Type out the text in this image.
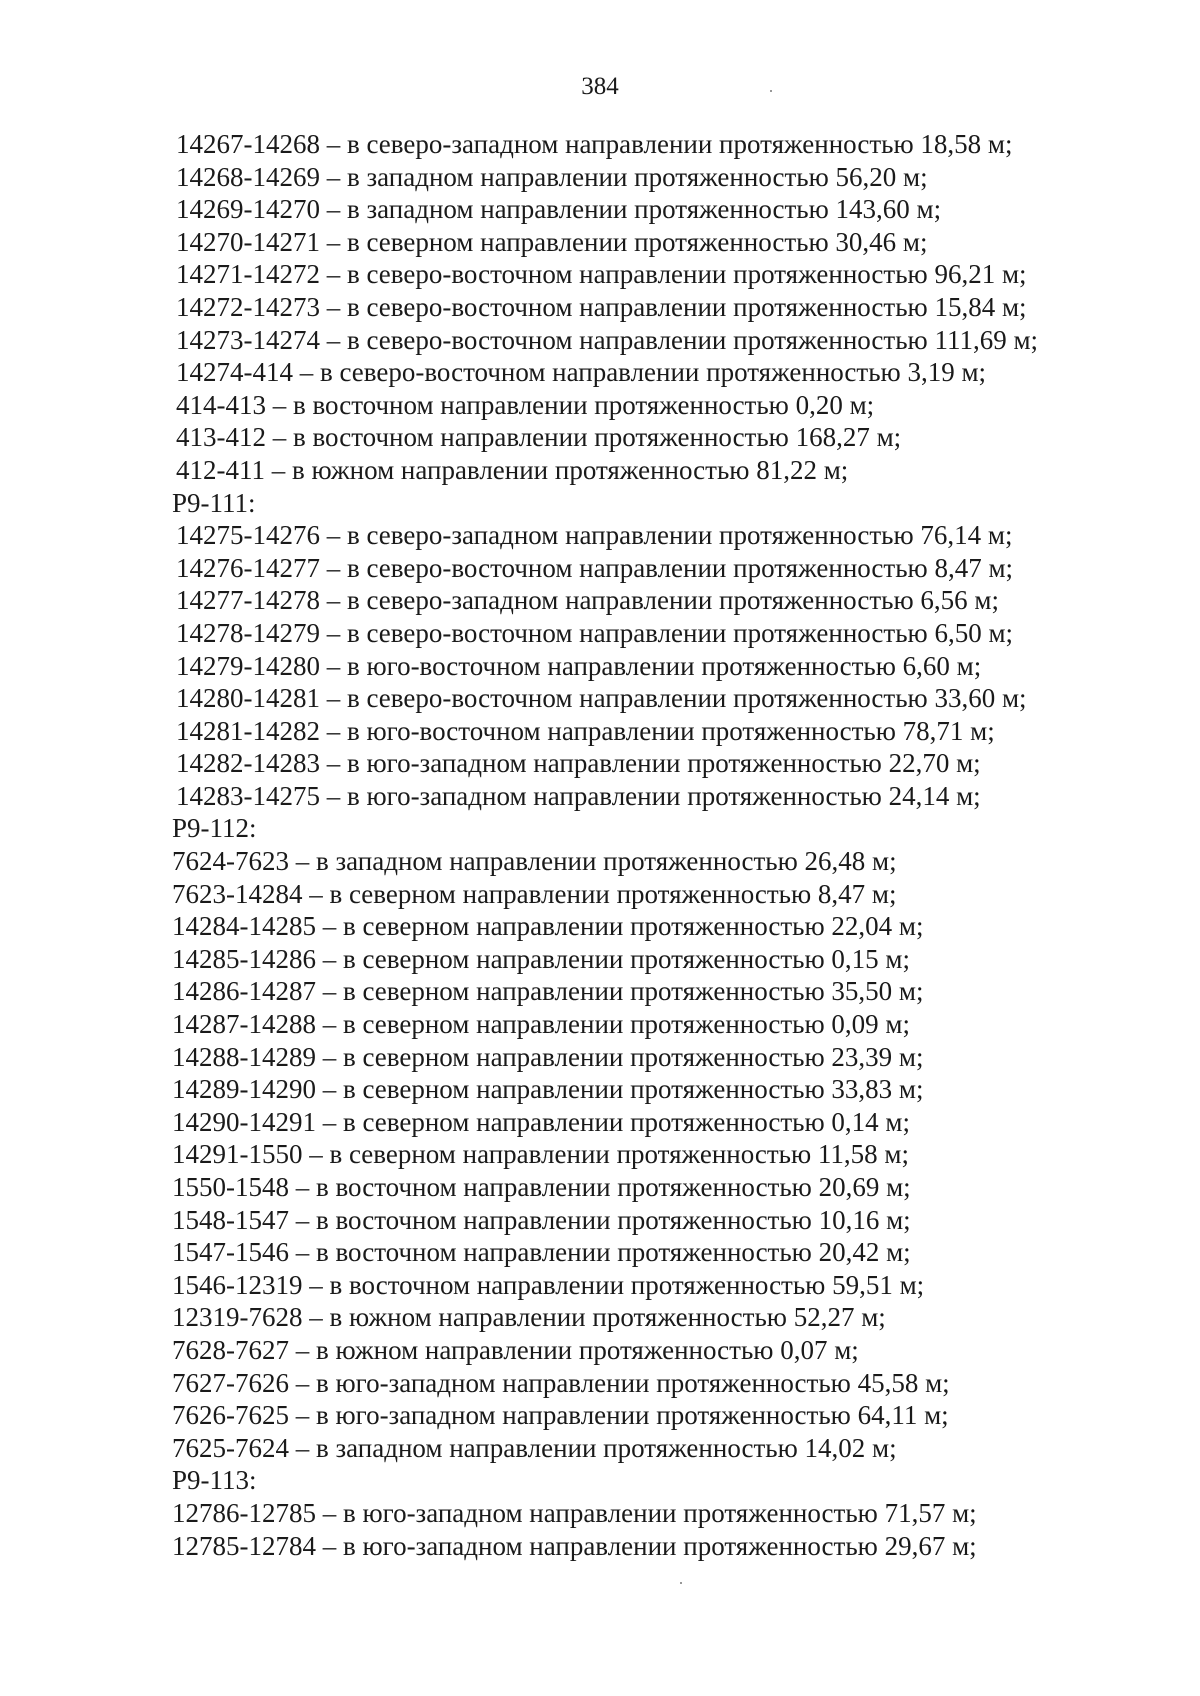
384
14267-14268 – в северо-западном направлении протяженностью 18,58 м;
14268-14269 – в западном направлении протяженностью 56,20 м;
14269-14270 – в западном направлении протяженностью 143,60 м;
14270-14271 – в северном направлении протяженностью 30,46 м;
14271-14272 – в северо-восточном направлении протяженностью 96,21 м;
14272-14273 – в северо-восточном направлении протяженностью 15,84 м;
14273-14274 – в северо-восточном направлении протяженностью 111,69 м;
14274-414 – в северо-восточном направлении протяженностью 3,19 м;
414-413 – в восточном направлении протяженностью 0,20 м;
413-412 – в восточном направлении протяженностью 168,27 м;
412-411 – в южном направлении протяженностью 81,22 м;
Р9-111:
14275-14276 – в северо-западном направлении протяженностью 76,14 м;
14276-14277 – в северо-восточном направлении протяженностью 8,47 м;
14277-14278 – в северо-западном направлении протяженностью 6,56 м;
14278-14279 – в северо-восточном направлении протяженностью 6,50 м;
14279-14280 – в юго-восточном направлении протяженностью 6,60 м;
14280-14281 – в северо-восточном направлении протяженностью 33,60 м;
14281-14282 – в юго-восточном направлении протяженностью 78,71 м;
14282-14283 – в юго-западном направлении протяженностью 22,70 м;
14283-14275 – в юго-западном направлении протяженностью 24,14 м;
Р9-112:
7624-7623 – в западном направлении протяженностью 26,48 м;
7623-14284 – в северном направлении протяженностью 8,47 м;
14284-14285 – в северном направлении протяженностью 22,04 м;
14285-14286 – в северном направлении протяженностью 0,15 м;
14286-14287 – в северном направлении протяженностью 35,50 м;
14287-14288 – в северном направлении протяженностью 0,09 м;
14288-14289 – в северном направлении протяженностью 23,39 м;
14289-14290 – в северном направлении протяженностью 33,83 м;
14290-14291 – в северном направлении протяженностью 0,14 м;
14291-1550 – в северном направлении протяженностью 11,58 м;
1550-1548 – в восточном направлении протяженностью 20,69 м;
1548-1547 – в восточном направлении протяженностью 10,16 м;
1547-1546 – в восточном направлении протяженностью 20,42 м;
1546-12319 – в восточном направлении протяженностью 59,51 м;
12319-7628 – в южном направлении протяженностью 52,27 м;
7628-7627 – в южном направлении протяженностью 0,07 м;
7627-7626 – в юго-западном направлении протяженностью 45,58 м;
7626-7625 – в юго-западном направлении протяженностью 64,11 м;
7625-7624 – в западном направлении протяженностью 14,02 м;
Р9-113:
12786-12785 – в юго-западном направлении протяженностью 71,57 м;
12785-12784 – в юго-западном направлении протяженностью 29,67 м;
